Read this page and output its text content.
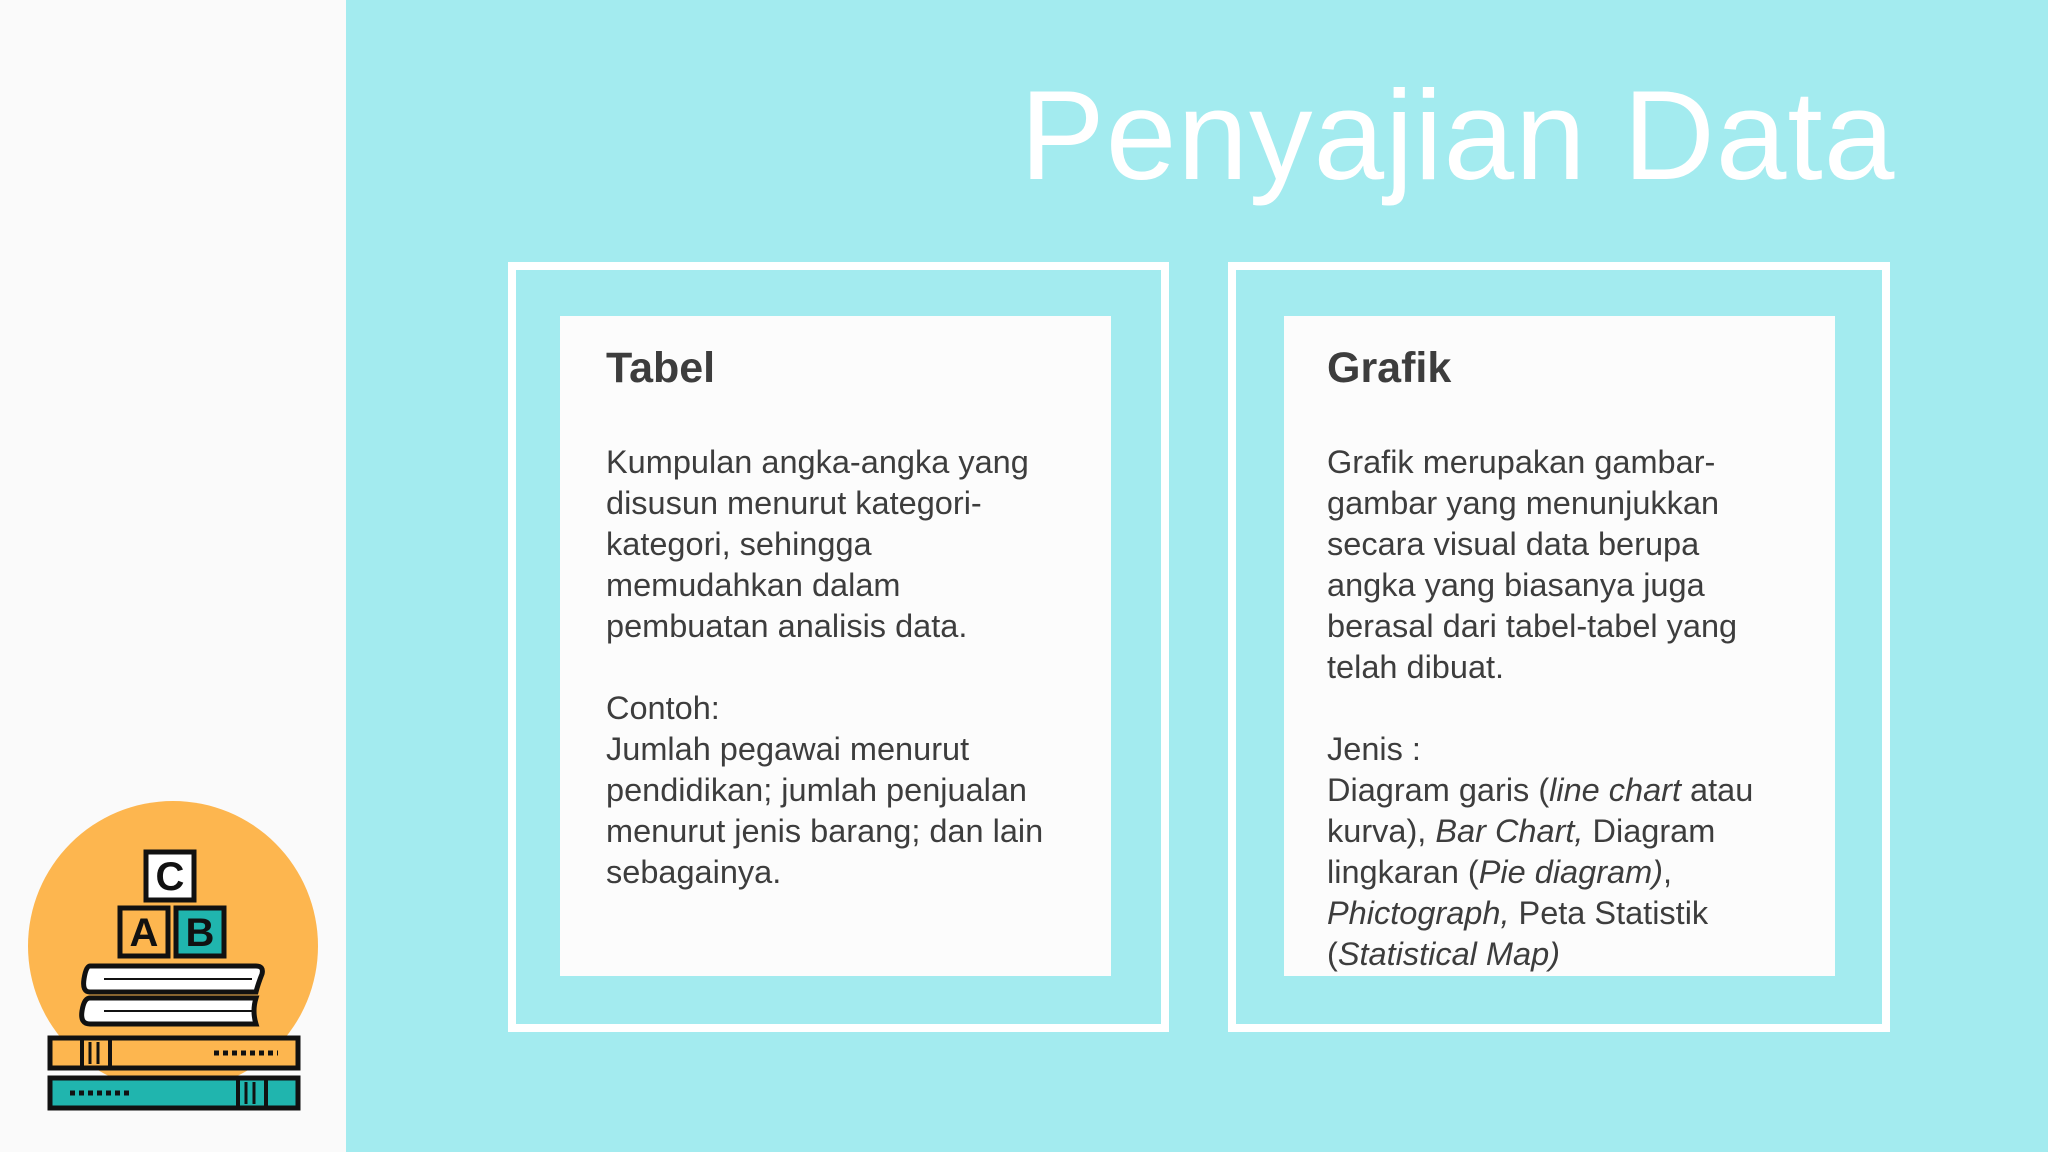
Penyajian Data
Tabel

Kumpulan angka-angka yang

disusun menurut kategori-

kategori, sehingga

memudahkan dalam

pembuatan analisis data.

Contoh:

Jumlah pegawai menurut

pendidikan; jumlah penjualan

menurut jenis barang; dan lain

sebagainya.

Grafik

Grafik merupakan gambar-

gambar yang menunjukkan

secara visual data berupa

angka yang biasanya juga

berasal dari tabel-tabel yang

telah dibuat.

Jenis :

Diagram garis (line chart atau

kurva), Bar Chart, Diagram

lingkaran (Pie diagram),

Phictograph, Peta Statistik

(Statistical Map)

C
A B
